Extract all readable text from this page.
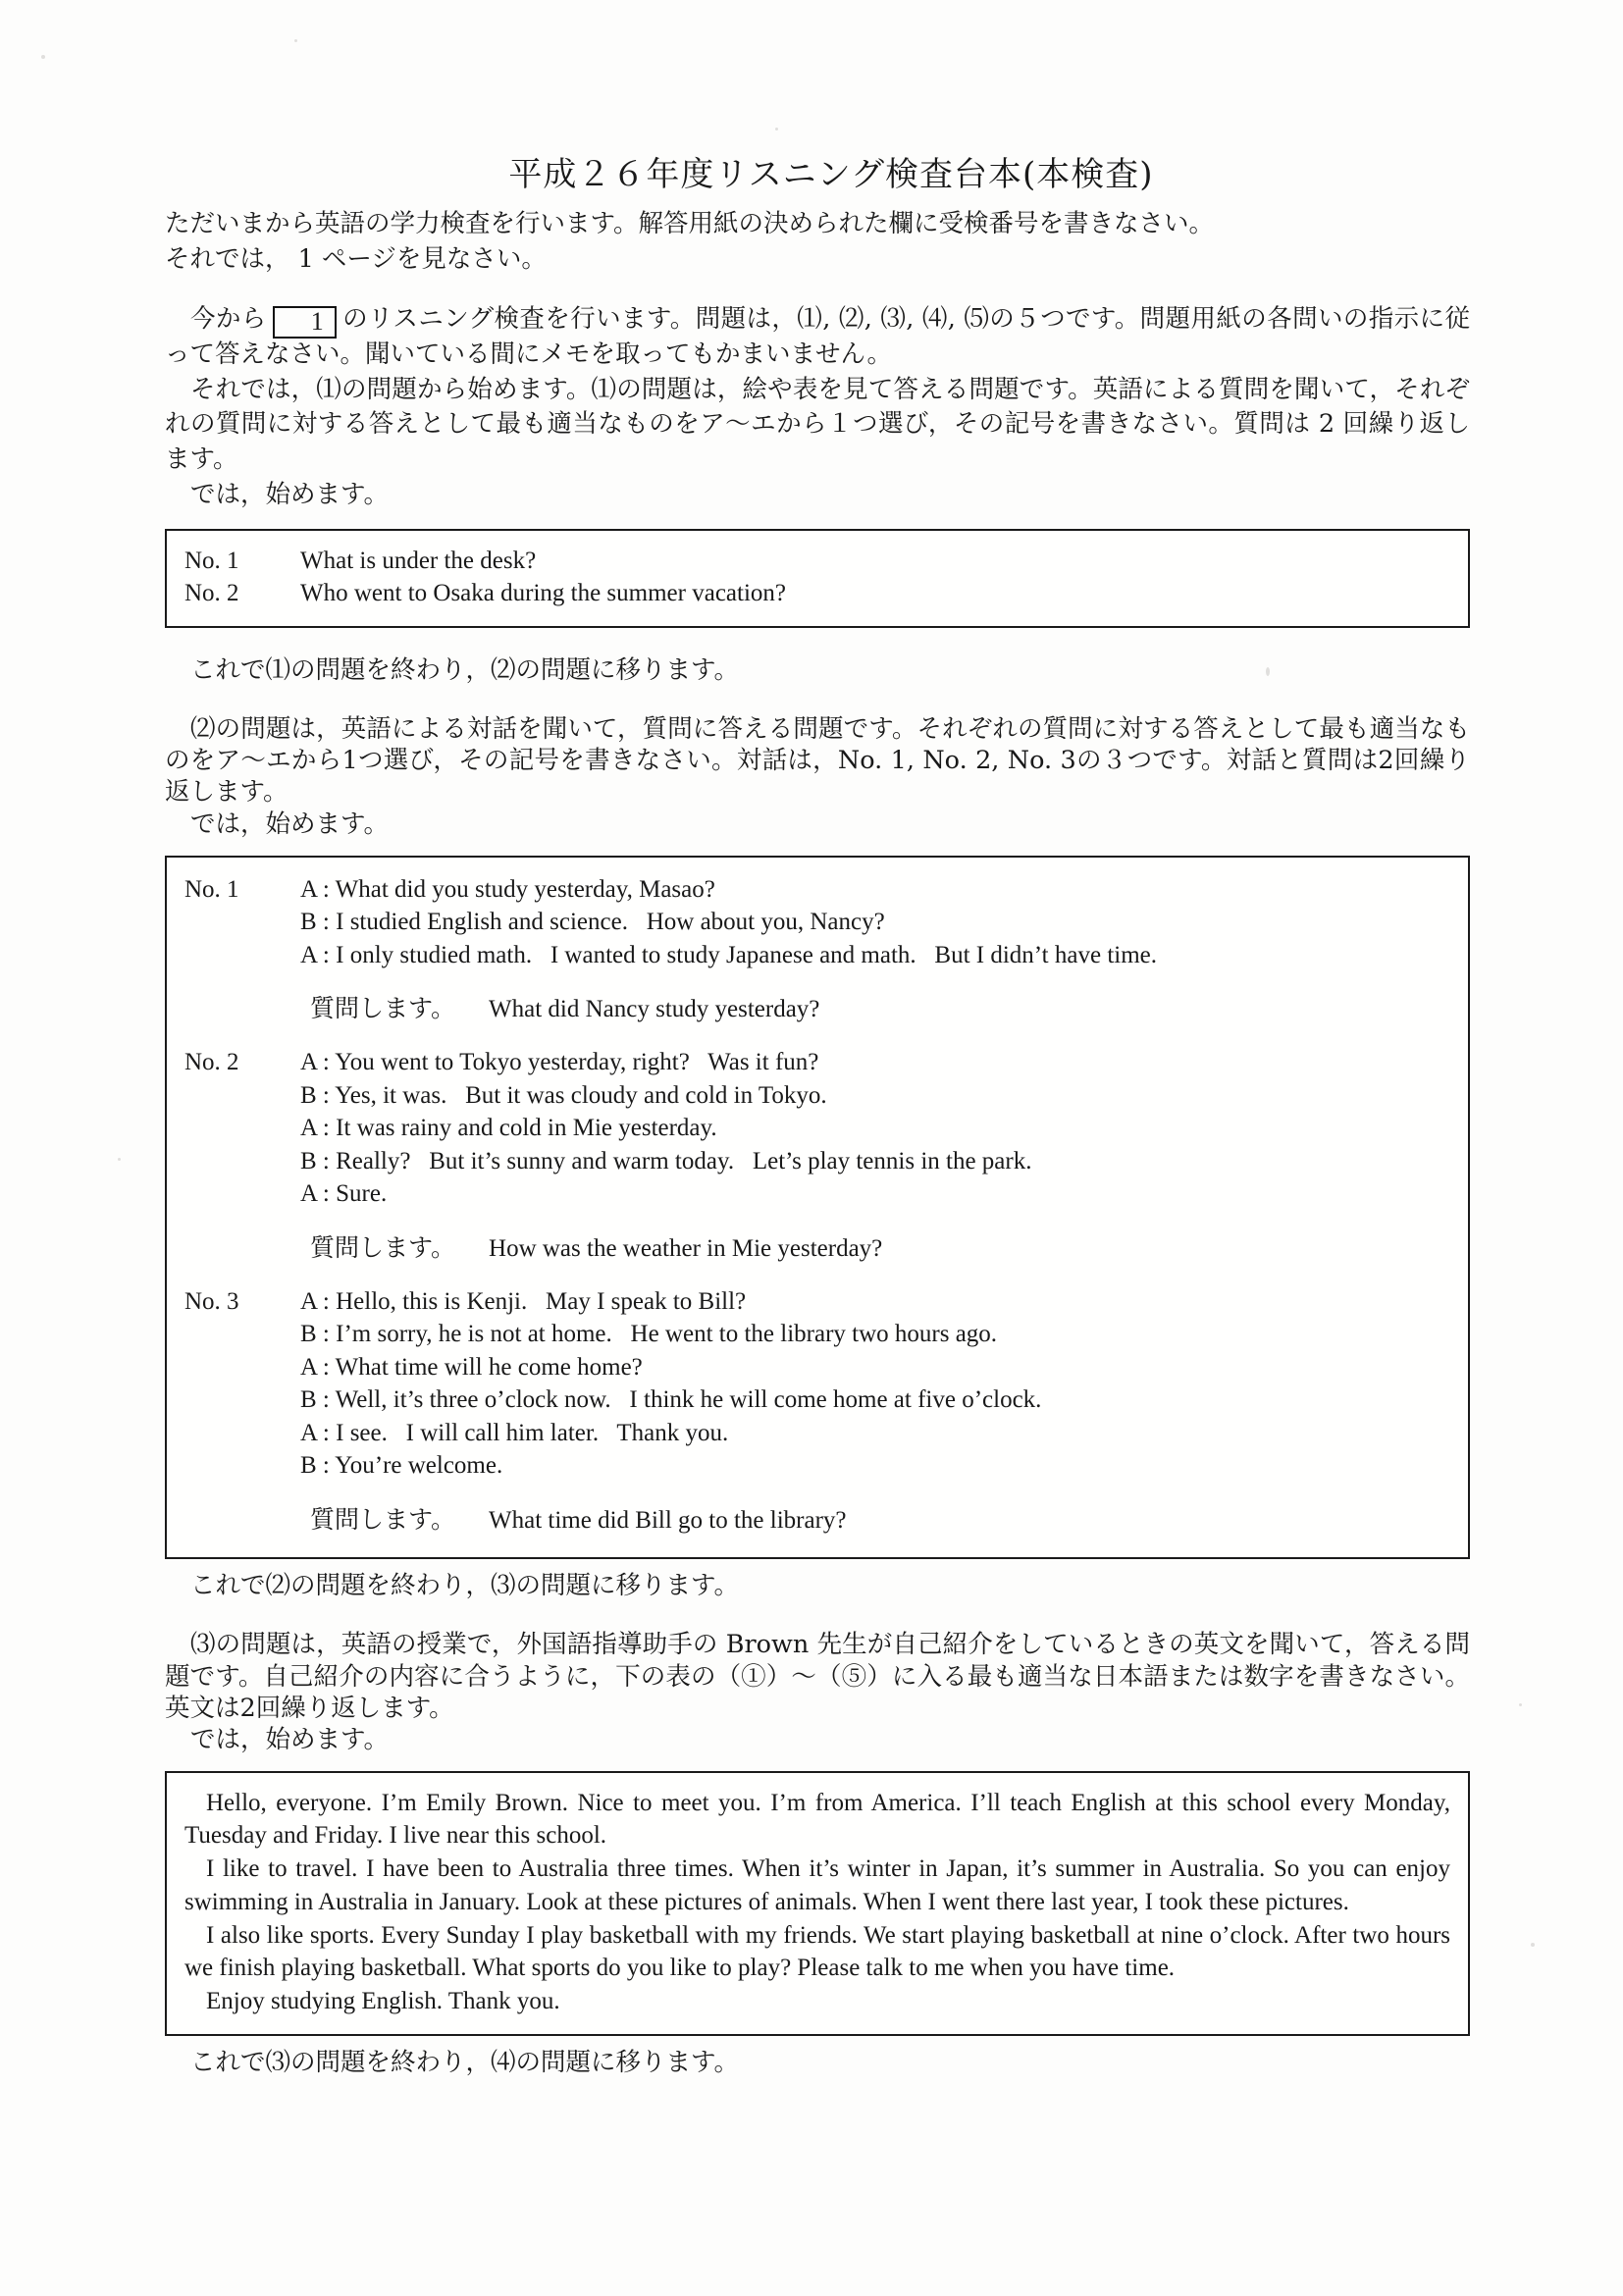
平成２６年度リスニング検査台本(本検査)

ただいまから英語の学力検査を行います。解答用紙の決められた欄に受検番号を書きなさい。

それでは， 1 ページを見なさい。

今から 1 のリスニング検査を行います。問題は，⑴, ⑵, ⑶, ⑷, ⑸の５つです。問題用紙の各問いの指示に従って答えなさい。聞いている間にメモを取ってもかまいません。

それでは，⑴の問題から始めます。⑴の問題は，絵や表を見て答える問題です。英語による質問を聞いて，それぞれの質問に対する答えとして最も適当なものをア〜エから１つ選び，その記号を書きなさい。質問は 2 回繰り返します。

では，始めます。

No. 1	What is under the desk?
No. 2	Who went to Osaka during the summer vacation?

これで⑴の問題を終わり，⑵の問題に移ります。

⑵の問題は，英語による対話を聞いて，質問に答える問題です。それぞれの質問に対する答えとして最も適当なものをア〜エから1つ選び，その記号を書きなさい。対話は，No. 1, No. 2, No. 3の３つです。対話と質問は2回繰り返します。

では，始めます。

No. 1	A : What did you study yesterday, Masao?
B : I studied English and science.   How about you, Nancy?
A : I only studied math.   I wanted to study Japanese and math.   But I didn’t have time.
質問します。 What did Nancy study yesterday?
No. 2	A : You went to Tokyo yesterday, right?   Was it fun?
B : Yes, it was.   But it was cloudy and cold in Tokyo.
A : It was rainy and cold in Mie yesterday.
B : Really?   But it’s sunny and warm today.   Let’s play tennis in the park.
A : Sure.
質問します。 How was the weather in Mie yesterday?
No. 3	A : Hello, this is Kenji.   May I speak to Bill?
B : I’m sorry, he is not at home.   He went to the library two hours ago.
A : What time will he come home?
B : Well, it’s three o’clock now.   I think he will come home at five o’clock.
A : I see.   I will call him later.   Thank you.
B : You’re welcome.
質問します。 What time did Bill go to the library?

これで⑵の問題を終わり，⑶の問題に移ります。

⑶の問題は，英語の授業で，外国語指導助手の Brown 先生が自己紹介をしているときの英文を聞いて，答える問題です。自己紹介の内容に合うように，下の表の（①）〜（⑤）に入る最も適当な日本語または数字を書きなさい。英文は2回繰り返します。

では，始めます。

Hello, everyone. I’m Emily Brown. Nice to meet you. I’m from America. I’ll teach English at this school every Monday, Tuesday and Friday. I live near this school.
I like to travel. I have been to Australia three times. When it’s winter in Japan, it’s summer in Australia. So you can enjoy swimming in Australia in January. Look at these pictures of animals. When I went there last year, I took these pictures.
I also like sports. Every Sunday I play basketball with my friends. We start playing basketball at nine o’clock. After two hours we finish playing basketball. What sports do you like to play? Please talk to me when you have time.
Enjoy studying English. Thank you.

これで⑶の問題を終わり，⑷の問題に移ります。
